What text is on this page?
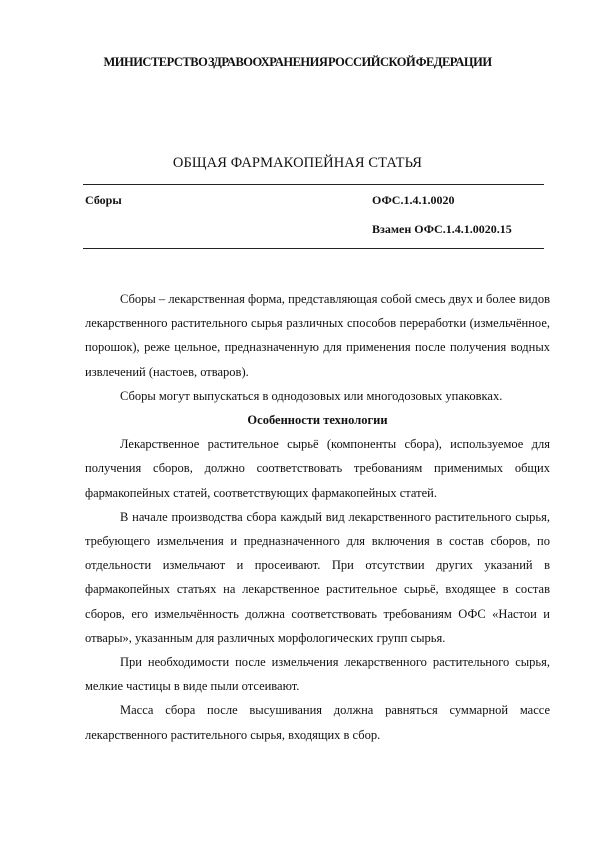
МИНИСТЕРСТВО ЗДРАВООХРАНЕНИЯ РОССИЙСКОЙ ФЕДЕРАЦИИ
ОБЩАЯ ФАРМАКОПЕЙНАЯ СТАТЬЯ
Сборы	ОФС.1.4.1.0020
Взамен ОФС.1.4.1.0020.15

Сборы – лекарственная форма, представляющая собой смесь двух и более видов лекарственного растительного сырья различных способов переработки (измельчённое, порошок), реже цельное, предназначенную для применения после получения водных извлечений (настоев, отваров).

Сборы могут выпускаться в однодозовых или многодозовых упаковках.

Особенности технологии

Лекарственное растительное сырьё (компоненты сбора), используемое для получения сборов, должно соответствовать требованиям применимых общих фармакопейных статей, соответствующих фармакопейных статей.

В начале производства сбора каждый вид лекарственного растительного сырья, требующего измельчения и предназначенного для включения в состав сборов, по отдельности измельчают и просеивают. При отсутствии других указаний в фармакопейных статьях на лекарственное растительное сырьё, входящее в состав сборов, его измельчённость должна соответствовать требованиям ОФС «Настои и отвары», указанным для различных морфологических групп сырья.

При необходимости после измельчения лекарственного растительного сырья, мелкие частицы в виде пыли отсеивают.

Масса сбора после высушивания должна равняться суммарной массе лекарственного растительного сырья, входящих в сбор.
